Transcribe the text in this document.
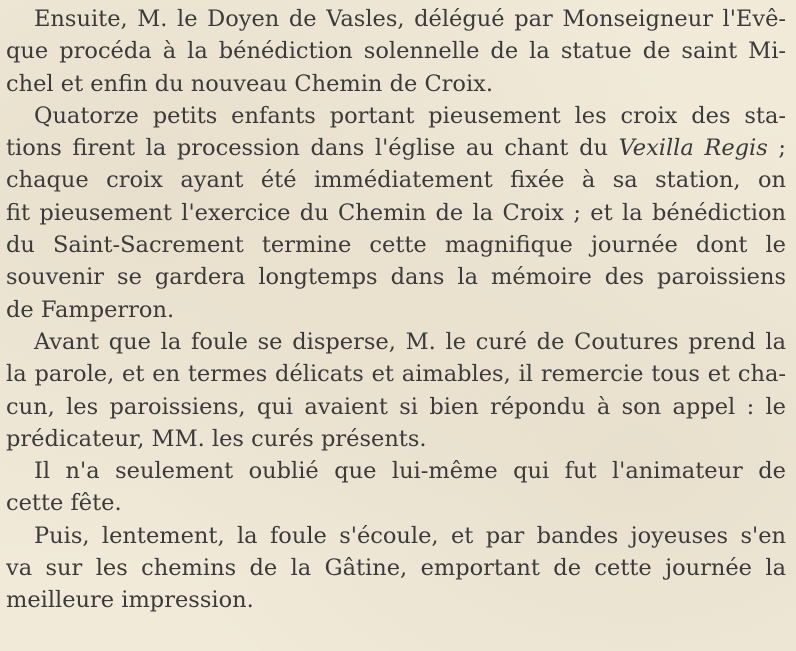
Ensuite, M. le Doyen de Vasles, délégué par Monseigneur l'Evê-
que procéda à la bénédiction solennelle de la statue de saint Mi-
chel et enfin du nouveau Chemin de Croix.
Quatorze petits enfants portant pieusement les croix des sta-
tions firent la procession dans l'église au chant du Vexilla Regis ;
chaque croix ayant été immédiatement fixée à sa station, on
fit pieusement l'exercice du Chemin de la Croix ; et la bénédiction
du Saint-Sacrement termine cette magnifique journée dont le
souvenir se gardera longtemps dans la mémoire des paroissiens
de Famperron.
Avant que la foule se disperse, M. le curé de Coutures prend la
la parole, et en termes délicats et aimables, il remercie tous et cha-
cun, les paroissiens, qui avaient si bien répondu à son appel : le
prédicateur, MM. les curés présents.
Il n'a seulement oublié que lui-même qui fut l'animateur de
cette fête.
Puis, lentement, la foule s'écoule, et par bandes joyeuses s'en
va sur les chemins de la Gâtine, emportant de cette journée la
meilleure impression.
